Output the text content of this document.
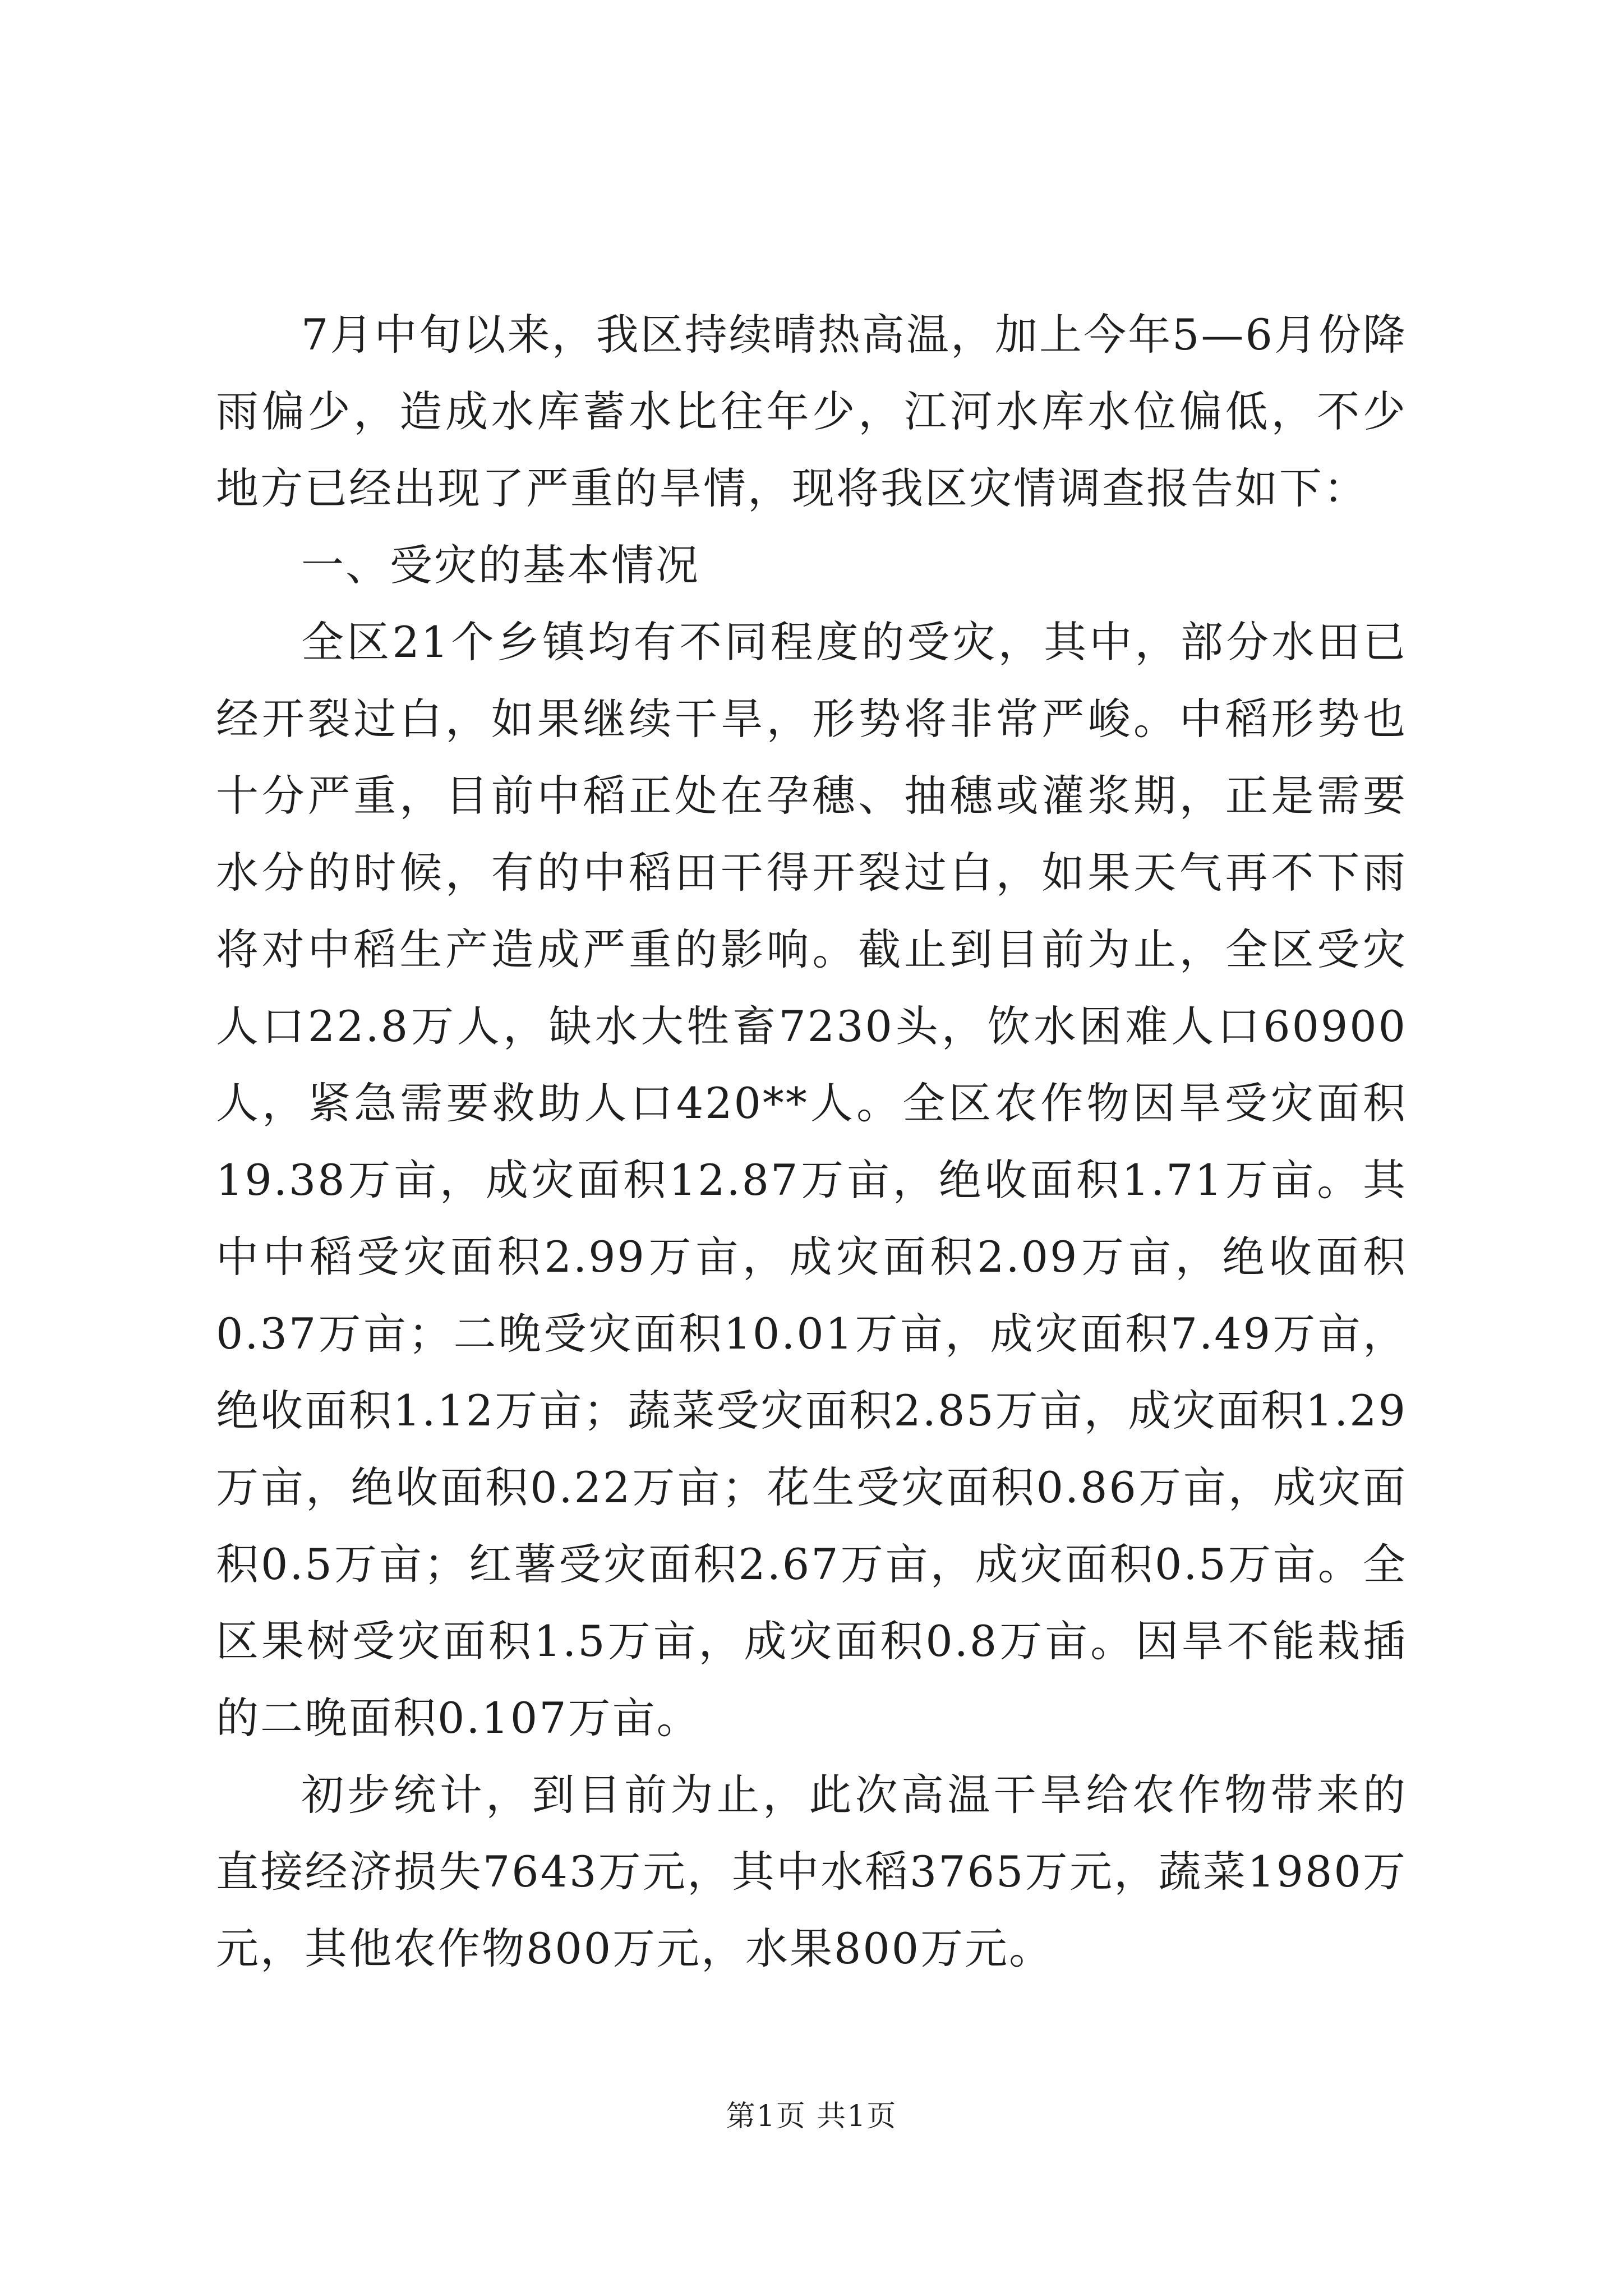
7月中旬以来，我区持续晴热高温，加上今年5—6月份降雨偏少，造成水库蓄水比往年少，江河水库水位偏低，不少地方已经出现了严重的旱情，现将我区灾情调查报告如下：

一、受灾的基本情况

全区21个乡镇均有不同程度的受灾，其中，部分水田已经开裂过白，如果继续干旱，形势将非常严峻。中稻形势也十分严重，目前中稻正处在孕穗、抽穗或灌浆期，正是需要水分的时候，有的中稻田干得开裂过白，如果天气再不下雨将对中稻生产造成严重的影响。截止到目前为止，全区受灾人口22.8万人，缺水大牲畜7230头，饮水困难人口60900人，紧急需要救助人口420**人。全区农作物因旱受灾面积19.38万亩，成灾面积12.87万亩，绝收面积1.71万亩。其中中稻受灾面积2.99万亩，成灾面积2.09万亩，绝收面积0.37万亩；二晚受灾面积10.01万亩，成灾面积7.49万亩，绝收面积1.12万亩；蔬菜受灾面积2.85万亩，成灾面积1.29万亩，绝收面积0.22万亩；花生受灾面积0.86万亩，成灾面积0.5万亩；红薯受灾面积2.67万亩，成灾面积0.5万亩。全区果树受灾面积1.5万亩，成灾面积0.8万亩。因旱不能栽插的二晚面积0.107万亩。

初步统计，到目前为止，此次高温干旱给农作物带来的直接经济损失7643万元，其中水稻3765万元，蔬菜1980万元，其他农作物800万元，水果800万元。

第1页 共1页
